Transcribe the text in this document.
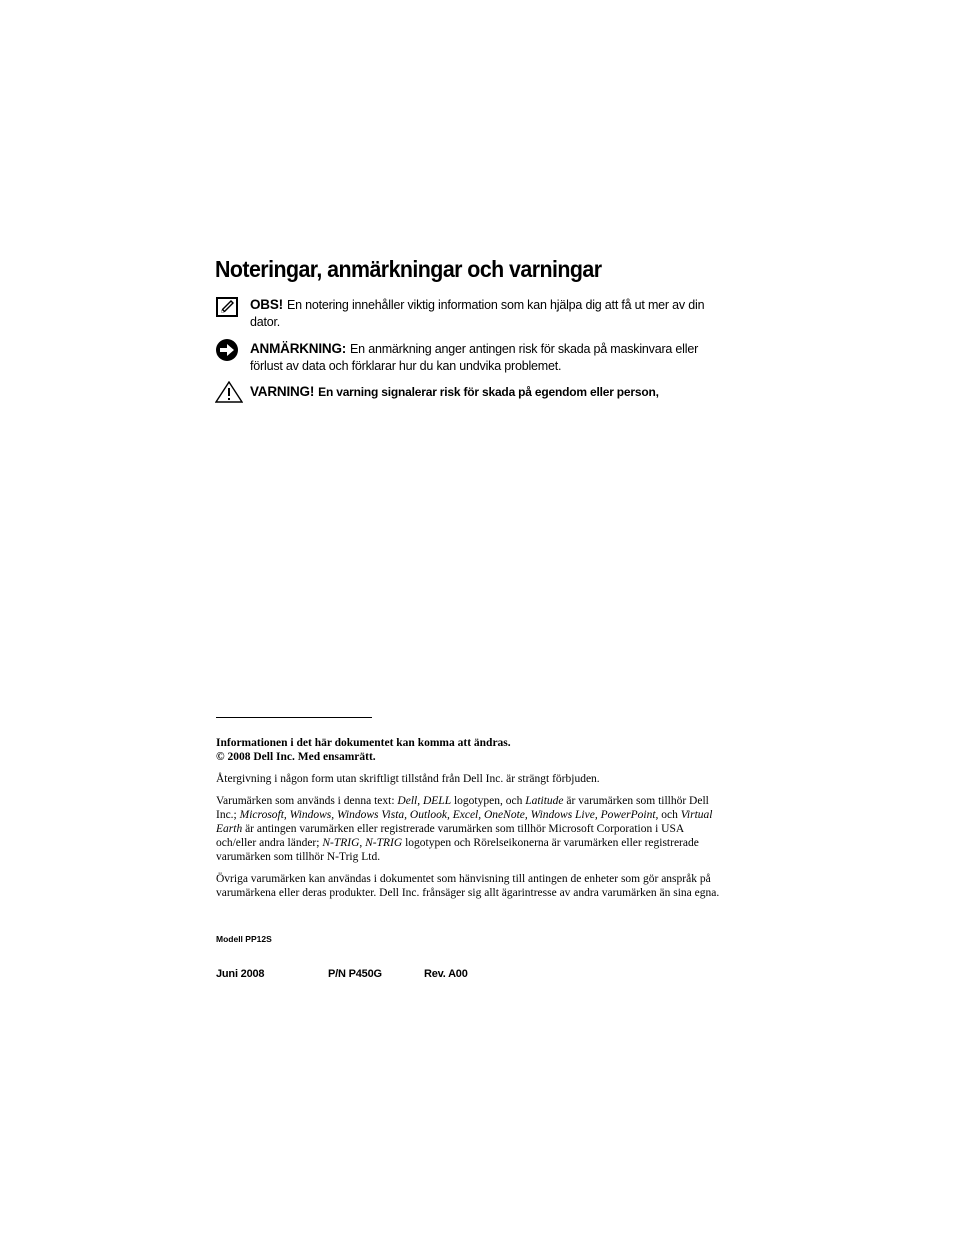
Noteringar, anmärkningar och varningar
OBS! En notering innehåller viktig information som kan hjälpa dig att få ut mer av din dator.
ANMÄRKNING: En anmärkning anger antingen risk för skada på maskinvara eller förlust av data och förklarar hur du kan undvika problemet.
VARNING! En varning signalerar risk för skada på egendom eller person,

Informationen i det här dokumentet kan komma att ändras.

© 2008 Dell Inc. Med ensamrätt.

Återgivning i någon form utan skriftligt tillstånd från Dell Inc. är strängt förbjuden.

Varumärken som används i denna text: Dell, DELL logotypen, och Latitude är varumärken som tillhör Dell Inc.; Microsoft, Windows, Windows Vista, Outlook, Excel, OneNote, Windows Live, PowerPoint, och Virtual Earth är antingen varumärken eller registrerade varumärken som tillhör Microsoft Corporation i USA och/eller andra länder; N-TRIG, N-TRIG logotypen och Rörelseikonerna är varumärken eller registrerade varumärken som tillhör N-Trig Ltd.

Övriga varumärken kan användas i dokumentet som hänvisning till antingen de enheter som gör anspråk på varumärkena eller deras produkter. Dell Inc. frånsäger sig allt ägarintresse av andra varumärken än sina egna.

Modell PP12S
Juni 2008	P/N P450G	Rev. A00
